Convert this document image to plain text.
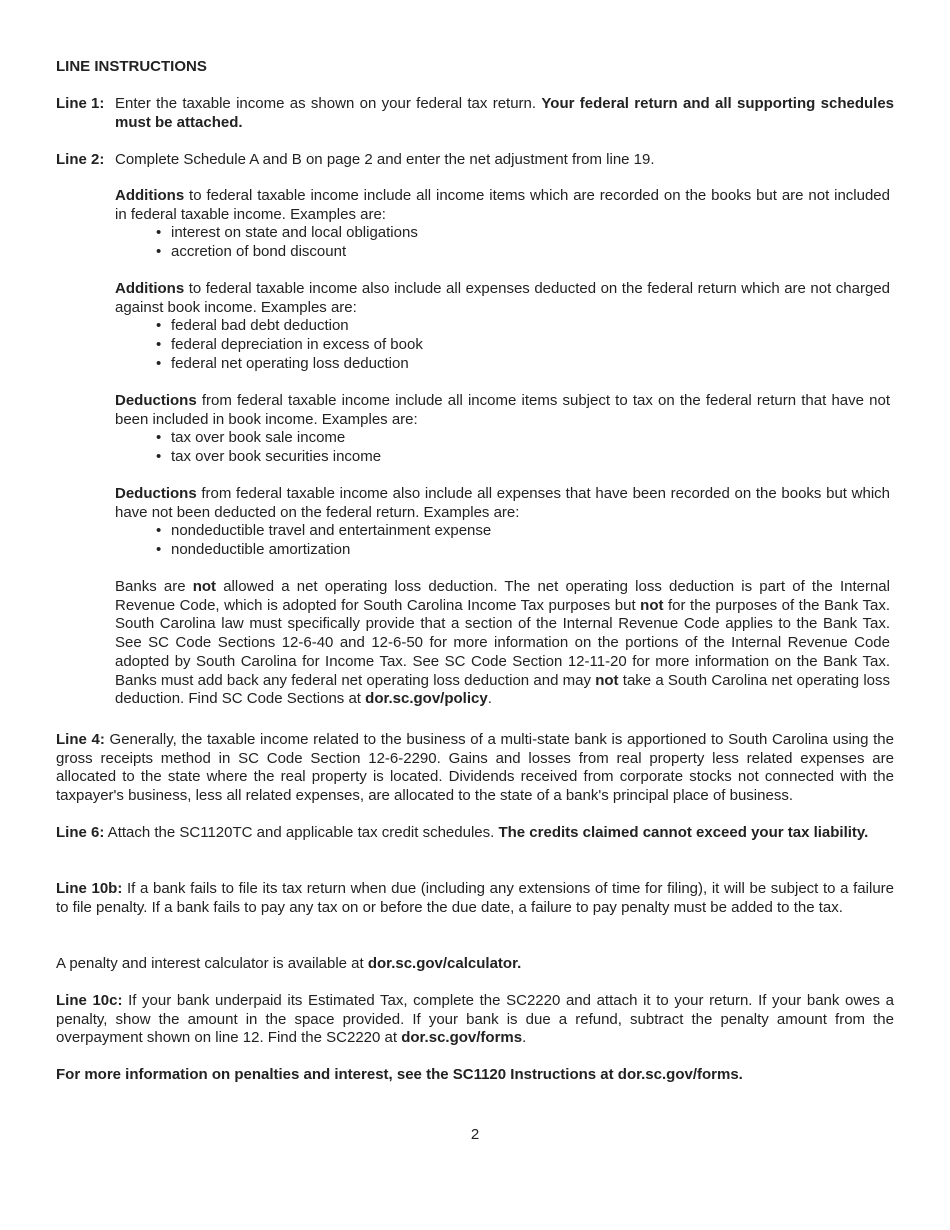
LINE INSTRUCTIONS

Line 1: Enter the taxable income as shown on your federal tax return. Your federal return and all supporting schedules must be attached.
Line 2: Complete Schedule A and B on page 2 and enter the net adjustment from line 19.

Additions to federal taxable income include all income items which are recorded on the books but are not included in federal taxable income. Examples are:

• interest on state and local obligations
• accretion of bond discount

Additions to federal taxable income also include all expenses deducted on the federal return which are not charged against book income. Examples are:

• federal bad debt deduction
• federal depreciation in excess of book
• federal net operating loss deduction

Deductions from federal taxable income include all income items subject to tax on the federal return that have not been included in book income. Examples are:

• tax over book sale income
• tax over book securities income

Deductions from federal taxable income also include all expenses that have been recorded on the books but which have not been deducted on the federal return. Examples are:

• nondeductible travel and entertainment expense
• nondeductible amortization

Banks are not allowed a net operating loss deduction. The net operating loss deduction is part of the Internal Revenue Code, which is adopted for South Carolina Income Tax purposes but not for the purposes of the Bank Tax. South Carolina law must specifically provide that a section of the Internal Revenue Code applies to the Bank Tax. See SC Code Sections 12-6-40 and 12-6-50 for more information on the portions of the Internal Revenue Code adopted by South Carolina for Income Tax. See SC Code Section 12-11-20 for more information on the Bank Tax. Banks must add back any federal net operating loss deduction and may not take a South Carolina net operating loss deduction. Find SC Code Sections at dor.sc.gov/policy.

Line 4: Generally, the taxable income related to the business of a multi-state bank is apportioned to South Carolina using the gross receipts method in SC Code Section 12-6-2290. Gains and losses from real property less related expenses are allocated to the state where the real property is located. Dividends received from corporate stocks not connected with the taxpayer's business, less all related expenses, are allocated to the state of a bank's principal place of business.

Line 6: Attach the SC1120TC and applicable tax credit schedules. The credits claimed cannot exceed your tax liability.

Line 10b: If a bank fails to file its tax return when due (including any extensions of time for filing), it will be subject to a failure to file penalty. If a bank fails to pay any tax on or before the due date, a failure to pay penalty must be added to the tax.

A penalty and interest calculator is available at dor.sc.gov/calculator.

Line 10c: If your bank underpaid its Estimated Tax, complete the SC2220 and attach it to your return. If your bank owes a penalty, show the amount in the space provided. If your bank is due a refund, subtract the penalty amount from the overpayment shown on line 12. Find the SC2220 at dor.sc.gov/forms.

For more information on penalties and interest, see the SC1120 Instructions at dor.sc.gov/forms.

2
